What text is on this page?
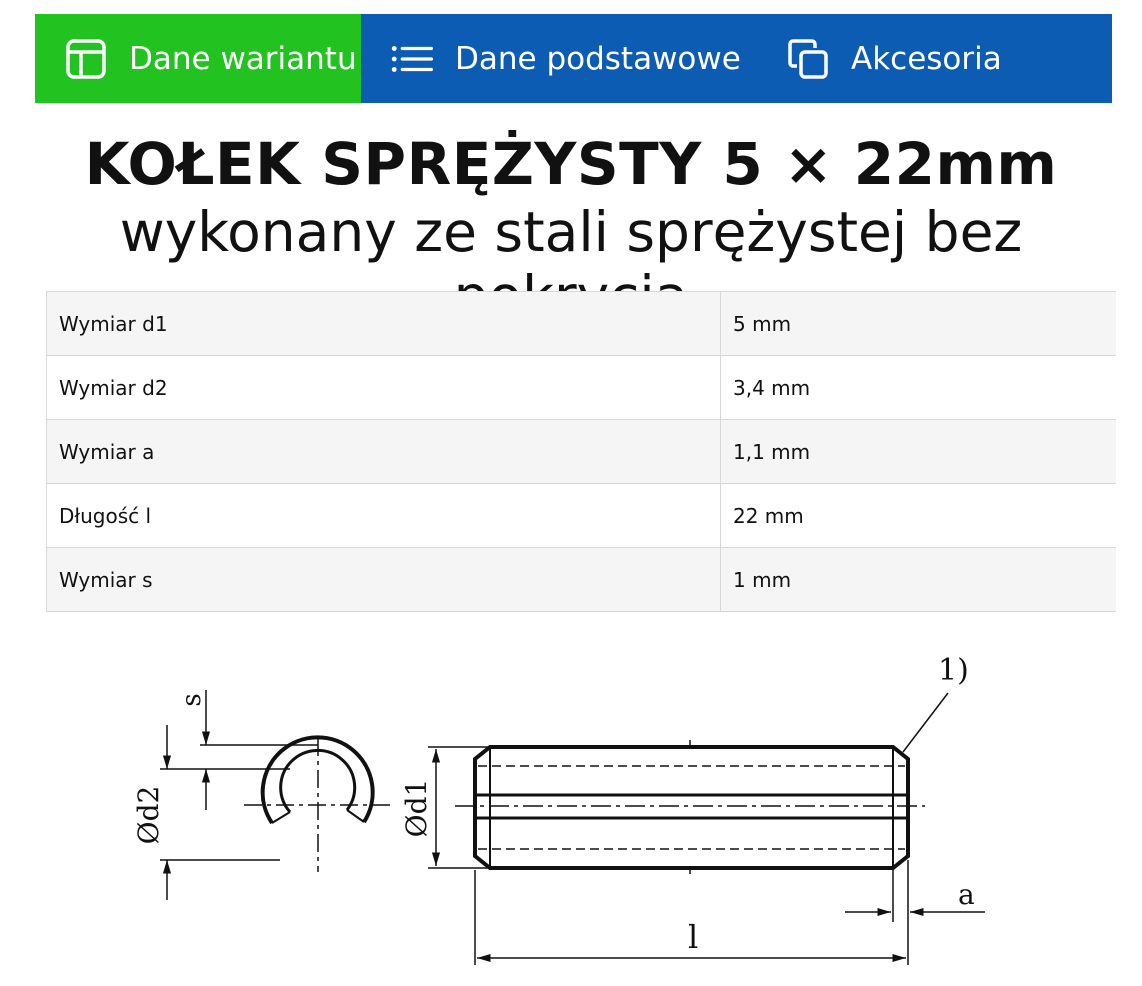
Dane wariantu	Dane podstawowe	Akcesoria
KOŁEK SPRĘŻYSTY 5 × 22mm
wykonany ze stali sprężystej bez
Wymiar d1	5 mm
Wymiar d2	3,4 mm
Wymiar a	1,1 mm
Długość l	22 mm
Wymiar s	1 mm
s
Ød2	Ød1
1)
a
l
